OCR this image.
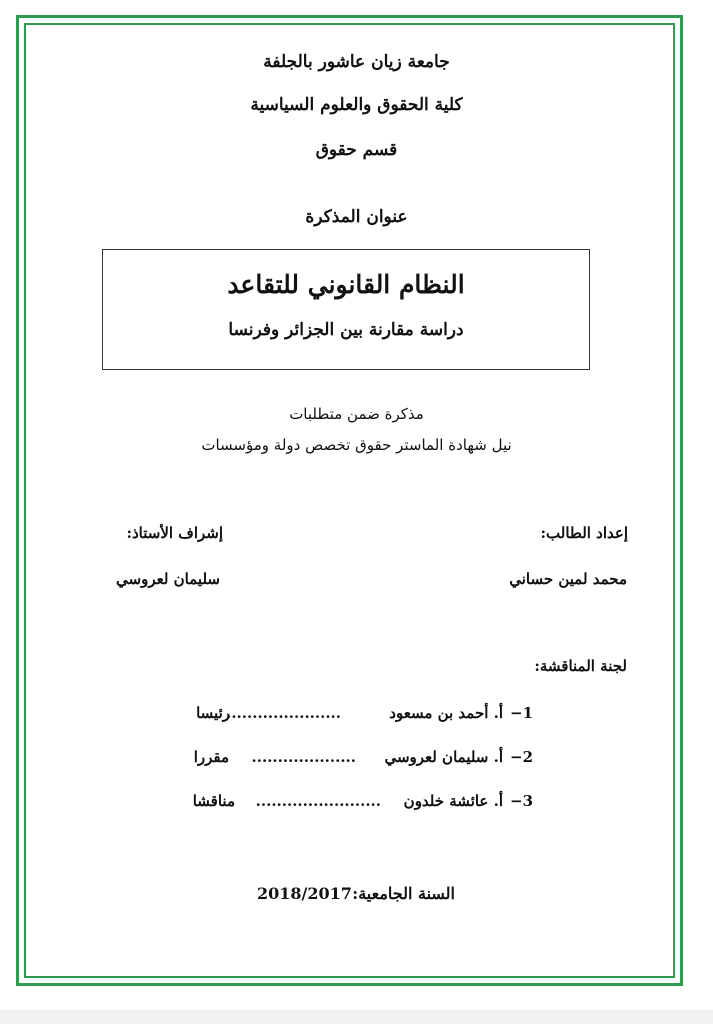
جامعة زيان عاشور بالجلفة
كلية الحقوق والعلوم السياسية
قسم حقوق
عنوان المذكرة
النظام القانوني للتقاعد
دراسة مقارنة بين الجزائر وفرنسا
مذكرة ضمن متطلبات
نيل شهادة الماستر حقوق تخصص دولة ومؤسسات
إعداد الطالب:
إشراف الأستاذ:
محمد لمين حساني
سليمان لعروسي
لجنة المناقشة:
1−
أ. أحمد بن مسعود
......................
رئيسا
2−
أ. سليمان لعروسي
....................
مقررا
3−
أ. عائشة خلدون
........................
مناقشا
السنة الجامعية:
2018/2017
